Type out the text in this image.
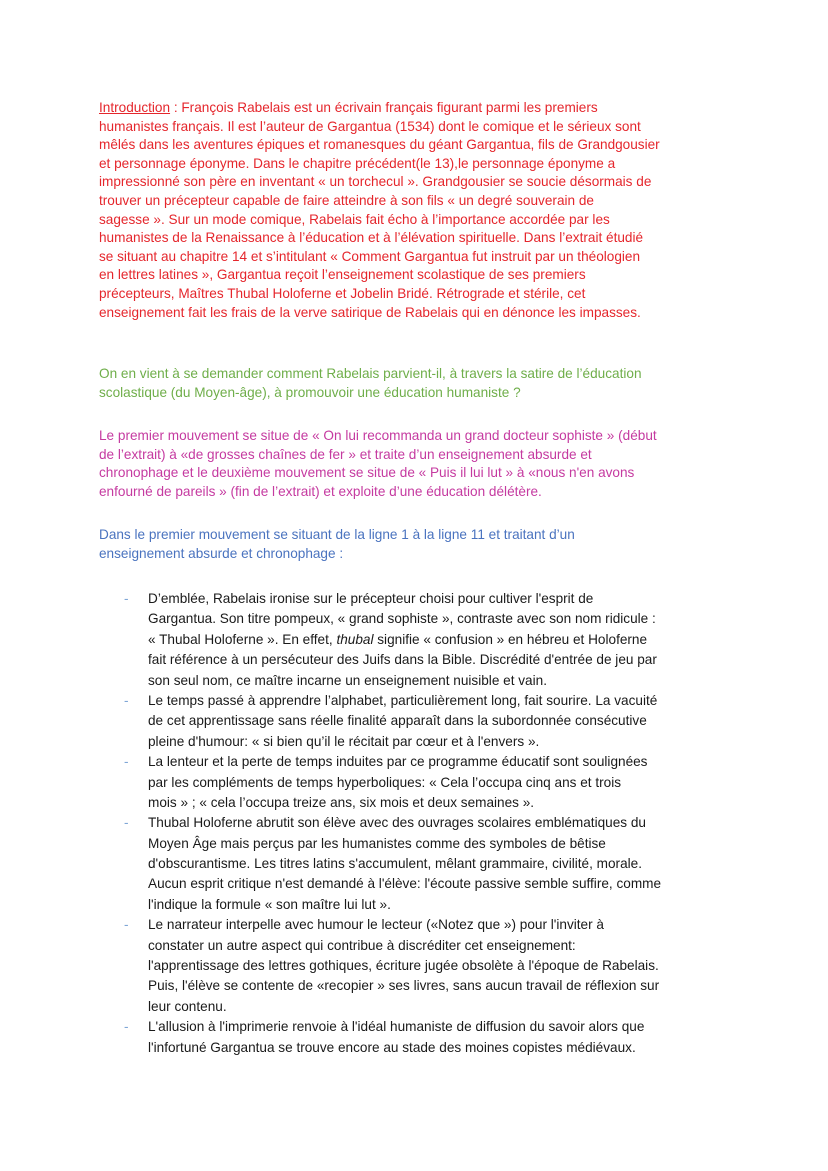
Introduction : François Rabelais est un écrivain français figurant parmi les premiers
humanistes français. Il est l’auteur de Gargantua (1534) dont le comique et le sérieux sont
mêlés dans les aventures épiques et romanesques du géant Gargantua, fils de Grandgousier
et personnage éponyme. Dans le chapitre précédent(le 13),le personnage éponyme a
impressionné son père en inventant « un torchecul ». Grandgousier se soucie désormais de
trouver un précepteur capable de faire atteindre à son fils « un degré souverain de
sagesse ». Sur un mode comique, Rabelais fait écho à l’importance accordée par les
humanistes de la Renaissance à l’éducation et à l’élévation spirituelle. Dans l’extrait étudié
se situant au chapitre 14 et s’intitulant « Comment Gargantua fut instruit par un théologien
en lettres latines », Gargantua reçoit l’enseignement scolastique de ses premiers
précepteurs, Maîtres Thubal Holoferne et Jobelin Bridé. Rétrograde et stérile, cet
enseignement fait les frais de la verve satirique de Rabelais qui en dénonce les impasses.
On en vient à se demander comment Rabelais parvient-il, à travers la satire de l’éducation
scolastique (du Moyen-âge), à promouvoir une éducation humaniste ?
Le premier mouvement se situe de « On lui recommanda un grand docteur sophiste » (début
de l’extrait) à «de grosses chaînes de fer » et traite d’un enseignement absurde et
chronophage et le deuxième mouvement se situe de « Puis il lui lut » à «nous n'en avons
enfourné de pareils » (fin de l’extrait) et exploite d’une éducation délétère.
Dans le premier mouvement se situant de la ligne 1 à la ligne 11 et traitant d’un
enseignement absurde et chronophage :
- D’emblée, Rabelais ironise sur le précepteur choisi pour cultiver l'esprit de
Gargantua. Son titre pompeux, « grand sophiste », contraste avec son nom ridicule :
« Thubal Holoferne ». En effet, thubal signifie « confusion » en hébreu et Holoferne
fait référence à un persécuteur des Juifs dans la Bible. Discrédité d'entrée de jeu par
son seul nom, ce maître incarne un enseignement nuisible et vain.
- Le temps passé à apprendre l’alphabet, particulièrement long, fait sourire. La vacuité
de cet apprentissage sans réelle finalité apparaît dans la subordonnée consécutive
pleine d'humour: « si bien qu’il le récitait par cœur et à l'envers ».
- La lenteur et la perte de temps induites par ce programme éducatif sont soulignées
par les compléments de temps hyperboliques: « Cela l’occupa cinq ans et trois
mois » ; « cela l’occupa treize ans, six mois et deux semaines ».
- Thubal Holoferne abrutit son élève avec des ouvrages scolaires emblématiques du
Moyen Âge mais perçus par les humanistes comme des symboles de bêtise
d'obscurantisme. Les titres latins s'accumulent, mêlant grammaire, civilité, morale.
Aucun esprit critique n'est demandé à l'élève: l'écoute passive semble suffire, comme
l'indique la formule « son maître lui lut ».
- Le narrateur interpelle avec humour le lecteur («Notez que ») pour l'inviter à
constater un autre aspect qui contribue à discréditer cet enseignement:
l'apprentissage des lettres gothiques, écriture jugée obsolète à l'époque de Rabelais.
Puis, l'élève se contente de «recopier » ses livres, sans aucun travail de réflexion sur
leur contenu.
- L'allusion à l'imprimerie renvoie à l'idéal humaniste de diffusion du savoir alors que
l'infortuné Gargantua se trouve encore au stade des moines copistes médiévaux.
